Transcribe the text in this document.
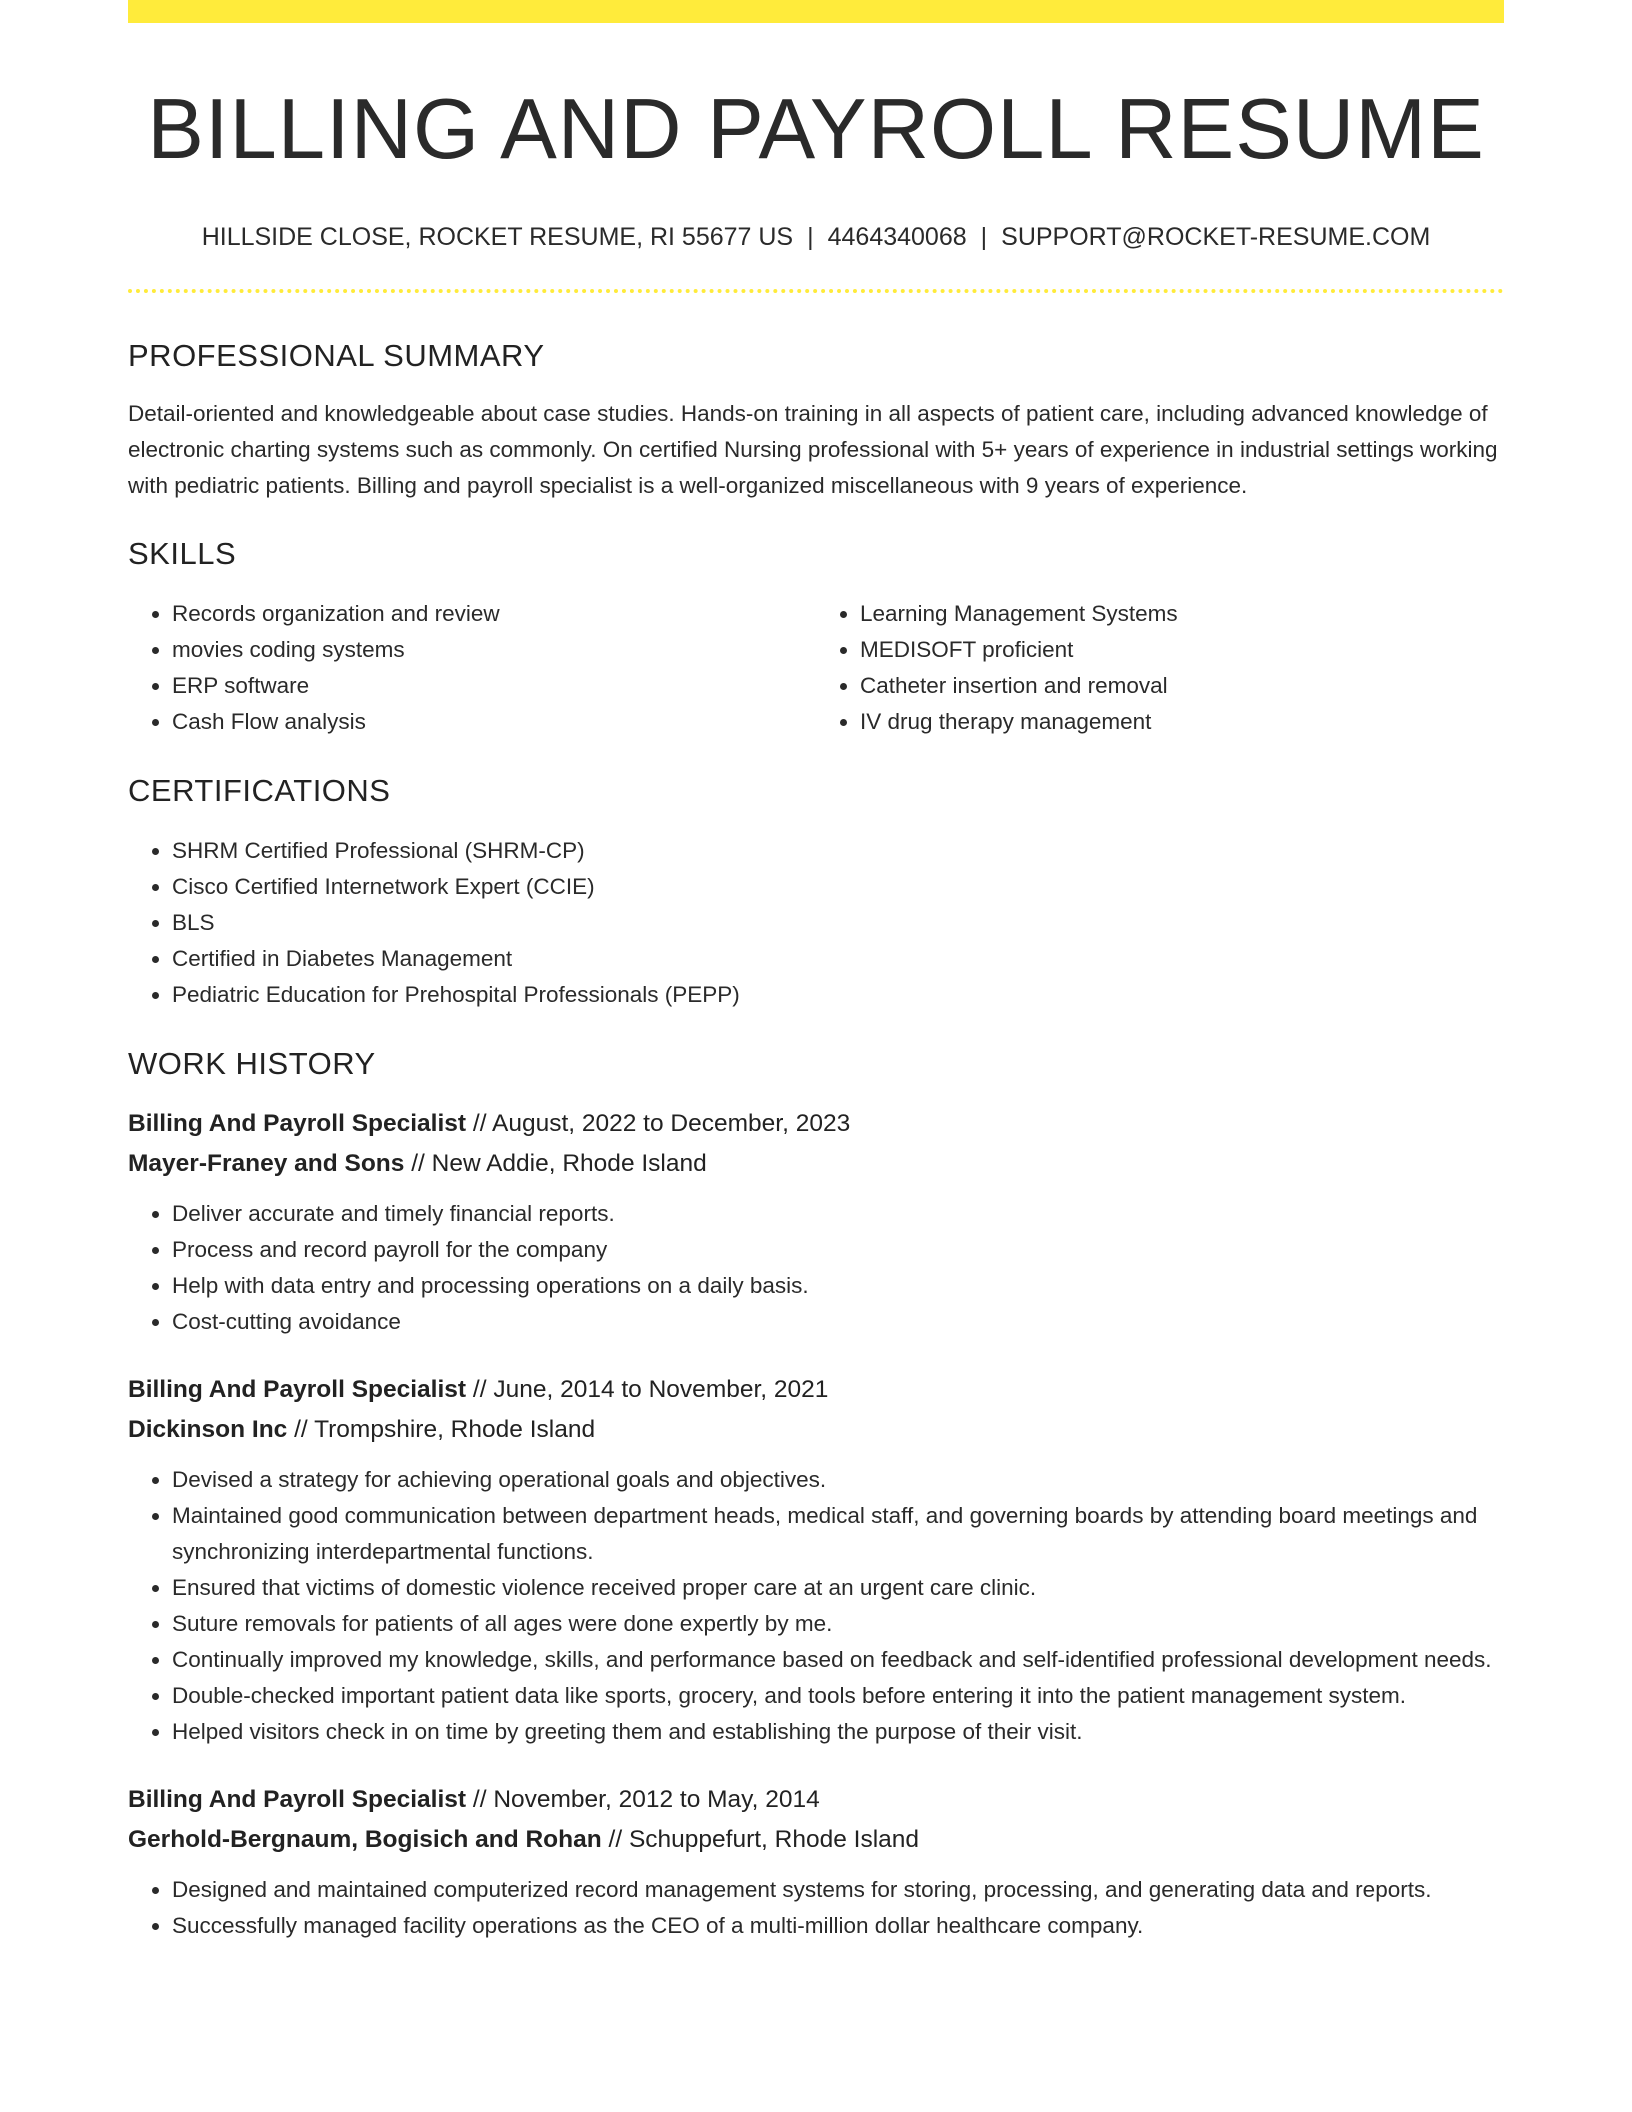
BILLING AND PAYROLL RESUME
HILLSIDE CLOSE, ROCKET RESUME, RI 55677 US | 4464340068 | SUPPORT@ROCKET-RESUME.COM
PROFESSIONAL SUMMARY

Detail-oriented and knowledgeable about case studies. Hands-on training in all aspects of patient care, including advanced knowledge of electronic charting systems such as commonly. On certified Nursing professional with 5+ years of experience in industrial settings working with pediatric patients. Billing and payroll specialist is a well-organized miscellaneous with 9 years of experience.

SKILLS
• Records organization and review
• movies coding systems
• ERP software
• Cash Flow analysis
• Learning Management Systems
• MEDISOFT proficient
• Catheter insertion and removal
• IV drug therapy management
CERTIFICATIONS
• SHRM Certified Professional (SHRM-CP)
• Cisco Certified Internetwork Expert (CCIE)
• BLS
• Certified in Diabetes Management
• Pediatric Education for Prehospital Professionals (PEPP)
WORK HISTORY
Billing And Payroll Specialist // August, 2022 to December, 2023
Mayer-Franey and Sons // New Addie, Rhode Island
• Deliver accurate and timely financial reports.
• Process and record payroll for the company
• Help with data entry and processing operations on a daily basis.
• Cost-cutting avoidance
Billing And Payroll Specialist // June, 2014 to November, 2021
Dickinson Inc // Trompshire, Rhode Island
• Devised a strategy for achieving operational goals and objectives.
• Maintained good communication between department heads, medical staff, and governing boards by attending board meetings and synchronizing interdepartmental functions.
• Ensured that victims of domestic violence received proper care at an urgent care clinic.
• Suture removals for patients of all ages were done expertly by me.
• Continually improved my knowledge, skills, and performance based on feedback and self-identified professional development needs.
• Double-checked important patient data like sports, grocery, and tools before entering it into the patient management system.
• Helped visitors check in on time by greeting them and establishing the purpose of their visit.
Billing And Payroll Specialist // November, 2012 to May, 2014
Gerhold-Bergnaum, Bogisich and Rohan // Schuppefurt, Rhode Island
• Designed and maintained computerized record management systems for storing, processing, and generating data and reports.
• Successfully managed facility operations as the CEO of a multi-million dollar healthcare company.
